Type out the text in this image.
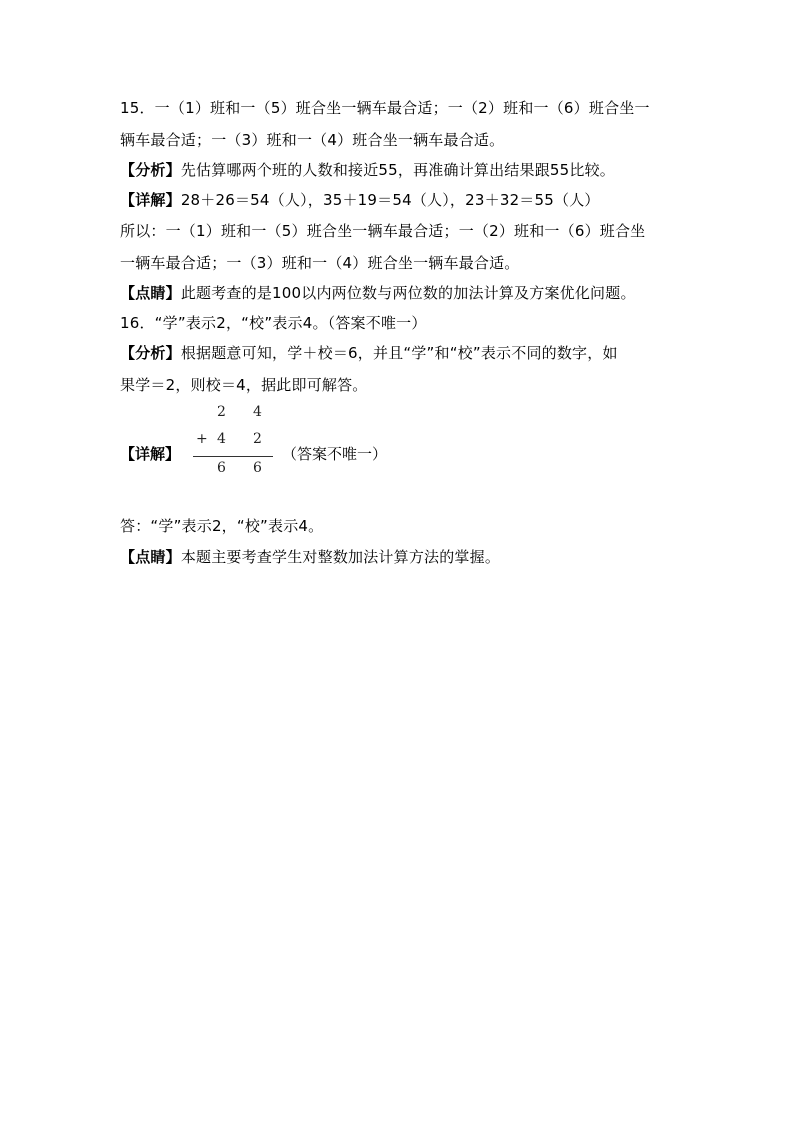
15．一（1）班和一（5）班合坐一辆车最合适；一（2）班和一（6）班合坐一
辆车最合适；一（3）班和一（4）班合坐一辆车最合适。
【分析】先估算哪两个班的人数和接近55，再准确计算出结果跟55比较。
【详解】28＋26＝54（人），35＋19＝54（人），23＋32＝55（人）
所以：一（1）班和一（5）班合坐一辆车最合适；一（2）班和一（6）班合坐
一辆车最合适；一（3）班和一（4）班合坐一辆车最合适。
【点睛】此题考查的是100以内两位数与两位数的加法计算及方案优化问题。
16．“学”表示2，“校”表示4。（答案不唯一）
【分析】根据题意可知，学＋校＝6，并且“学”和“校”表示不同的数字，如
果学＝2，则校＝4，据此即可解答。
【详解】
2 4
+ 4 2
6 6
（答案不唯一）
答：“学”表示2，“校”表示4。
【点睛】本题主要考查学生对整数加法计算方法的掌握。
